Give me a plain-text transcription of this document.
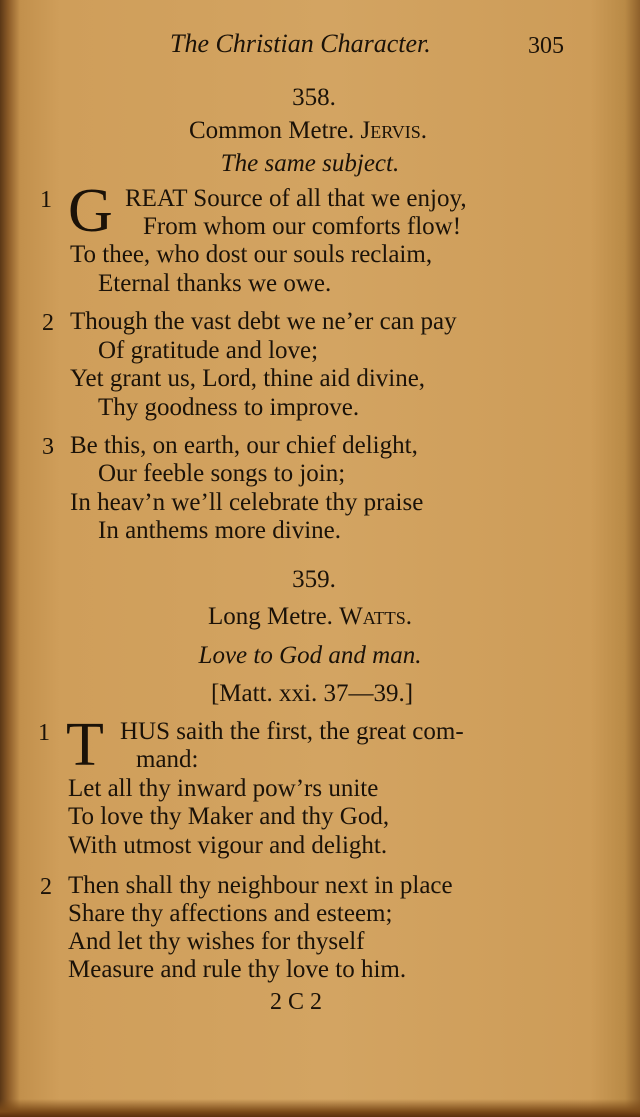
The Christian Character.	305
358.
Common Metre. Jervis.
The same subject.
1 G REAT Source of all that we enjoy,
From whom our comforts flow!
To thee, who dost our souls reclaim,
Eternal thanks we owe.
2 Though the vast debt we ne’er can pay
Of gratitude and love;
Yet grant us, Lord, thine aid divine,
Thy goodness to improve.
3 Be this, on earth, our chief delight,
Our feeble songs to join;
In heav’n we’ll celebrate thy praise
In anthems more divine.
359.
Long Metre. Watts.
Love to God and man.
[Matt. xxi. 37—39.]
1 T HUS saith the first, the great com-
mand:
Let all thy inward pow’rs unite
To love thy Maker and thy God,
With utmost vigour and delight.
2 Then shall thy neighbour next in place
Share thy affections and esteem;
And let thy wishes for thyself
Measure and rule thy love to him.
2 C 2
